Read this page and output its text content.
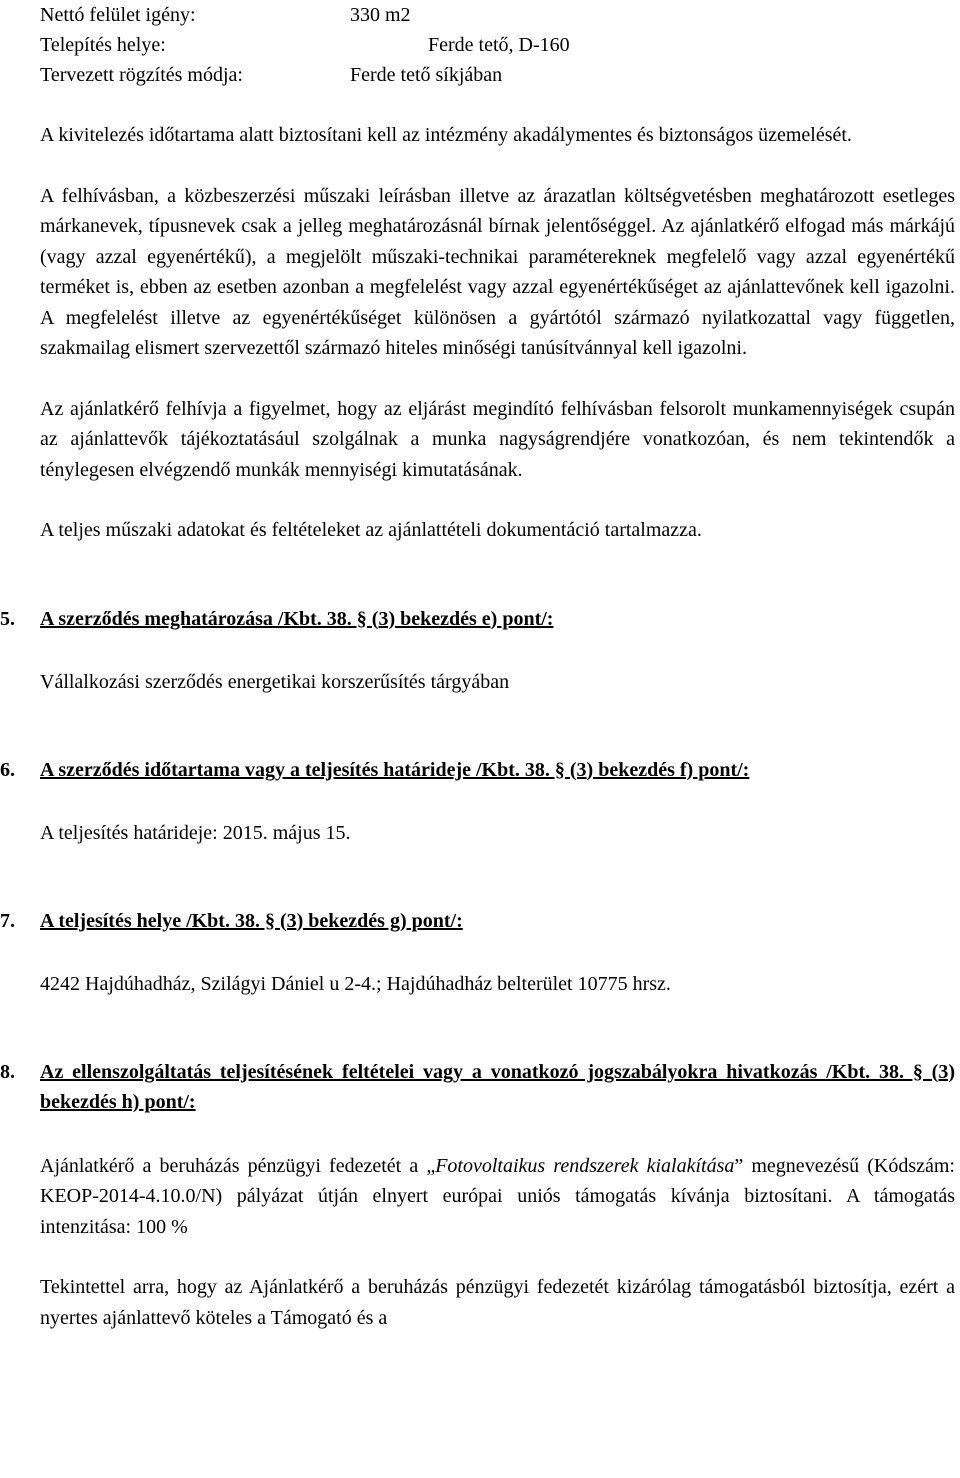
Nettó felület igény:	330 m2
Telepítés helye:	Ferde tető, D-160
Tervezett rögzítés módja:	Ferde tető síkjában

A kivitelezés időtartama alatt biztosítani kell az intézmény akadálymentes és biztonságos üzemelését.

A felhívásban, a közbeszerzési műszaki leírásban illetve az árazatlan költségvetésben meghatározott esetleges márkanevek, típusnevek csak a jelleg meghatározásnál bírnak jelentőséggel. Az ajánlatkérő elfogad más márkájú (vagy azzal egyenértékű), a megjelölt műszaki-technikai paramétereknek megfelelő vagy azzal egyenértékű terméket is, ebben az esetben azonban a megfelelést vagy azzal egyenértékűséget az ajánlattevőnek kell igazolni. A megfelelést illetve az egyenértékűséget különösen a gyártótól származó nyilatkozattal vagy független, szakmailag elismert szervezettől származó hiteles minőségi tanúsítvánnyal kell igazolni.

Az ajánlatkérő felhívja a figyelmet, hogy az eljárást megindító felhívásban felsorolt munkamennyiségek csupán az ajánlattevők tájékoztatásául szolgálnak a munka nagyságrendjére vonatkozóan, és nem tekintendők a ténylegesen elvégzendő munkák mennyiségi kimutatásának.

A teljes műszaki adatokat és feltételeket az ajánlattételi dokumentáció tartalmazza.

5. A szerződés meghatározása /Kbt. 38. § (3) bekezdés e) pont/:

Vállalkozási szerződés energetikai korszerűsítés tárgyában

6. A szerződés időtartama vagy a teljesítés határideje /Kbt. 38. § (3) bekezdés f) pont/:

A teljesítés határideje: 2015. május 15.

7. A teljesítés helye /Kbt. 38. § (3) bekezdés g) pont/:

4242 Hajdúhadház, Szilágyi Dániel u 2-4.; Hajdúhadház belterület 10775 hrsz.

8. Az ellenszolgáltatás teljesítésének feltételei vagy a vonatkozó jogszabályokra hivatkozás /Kbt. 38. § (3) bekezdés h) pont/:

Ajánlatkérő a beruházás pénzügyi fedezetét a „Fotovoltaikus rendszerek kialakítása” megnevezésű (Kódszám: KEOP-2014-4.10.0/N) pályázat útján elnyert európai uniós támogatás kívánja biztosítani. A támogatás intenzitása: 100 %

Tekintettel arra, hogy az Ajánlatkérő a beruházás pénzügyi fedezetét kizárólag támogatásból biztosítja, ezért a nyertes ajánlattevő köteles a Támogató és a
